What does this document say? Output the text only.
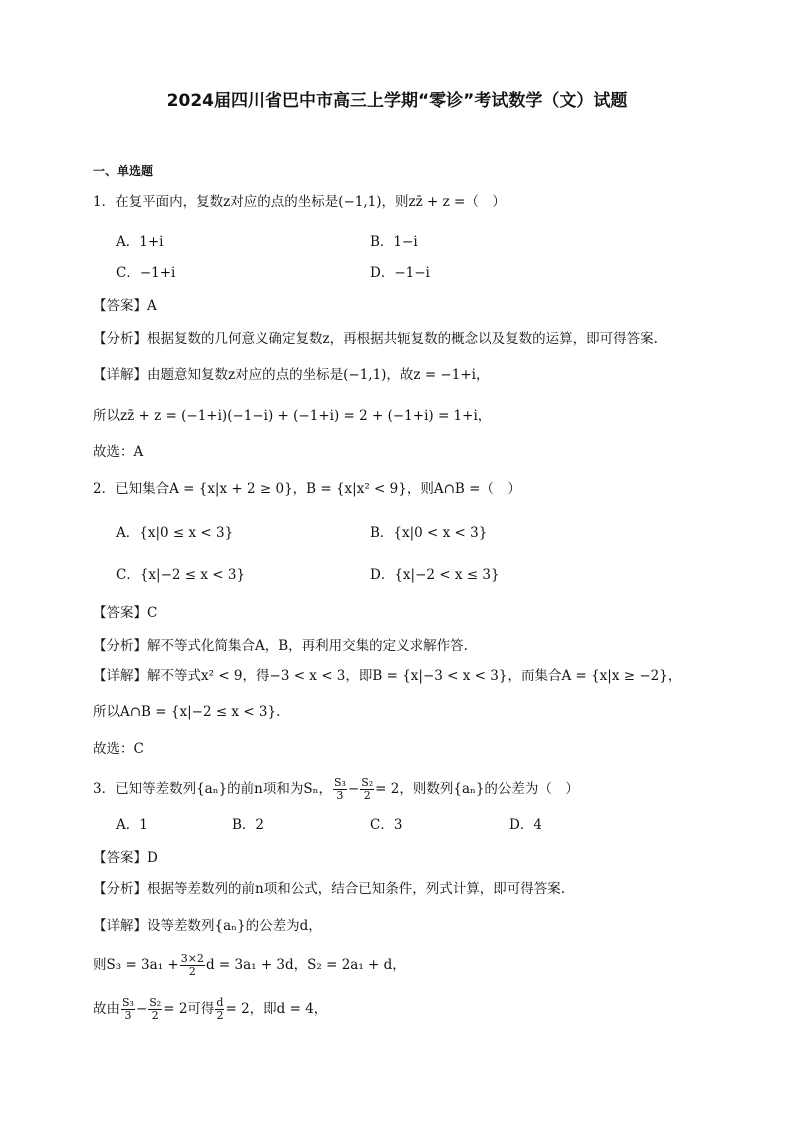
2024届四川省巴中市高三上学期“零诊”考试数学（文）试题
一、单选题
1．在复平面内，复数z对应的点的坐标是(−1,1)，则zz̄ + z =（　）
A．1+i	B．1−i
C．−1+i	D．−1−i
【答案】A
【分析】根据复数的几何意义确定复数z，再根据共轭复数的概念以及复数的运算，即可得答案.
【详解】由题意知复数z对应的点的坐标是(−1,1)，故z = −1+i，
所以zz̄ + z = (−1+i)(−1−i) + (−1+i) = 2 + (−1+i) = 1+i，
故选：A
2．已知集合A = {x|x + 2 ≥ 0}，B = {x|x² < 9}，则A∩B =（　）
A．{x|0 ≤ x < 3}	B．{x|0 < x < 3}
C．{x|−2 ≤ x < 3}	D．{x|−2 < x ≤ 3}
【答案】C
【分析】解不等式化简集合A，B，再利用交集的定义求解作答.
【详解】解不等式x² < 9，得−3 < x < 3，即B = {x|−3 < x < 3}，而集合A = {x|x ≥ −2}，
所以A∩B = {x|−2 ≤ x < 3}.
故选：C
3．已知等差数列{aₙ}的前n项和为Sₙ， $\frac{\text{S₃}}{3} - \frac{\text{S₂}}{2} = 2$，则数列{aₙ}的公差为（　）
A．1	B．2	C．3	D．4
【答案】D
【分析】根据等差数列的前n项和公式，结合已知条件，列式计算，即可得答案.
【详解】设等差数列{aₙ}的公差为d，
则$S_3 = 3a_1 + \frac{3\times 2}{2}$ d = 3a₁ + 3d，S₂ = 2a₁ + d，
故由 $\frac{\text{S₃}}{3} - \frac{\text{S₂}}{2} = 2$可得 $\frac{d}{2} = 2$，即d = 4，
